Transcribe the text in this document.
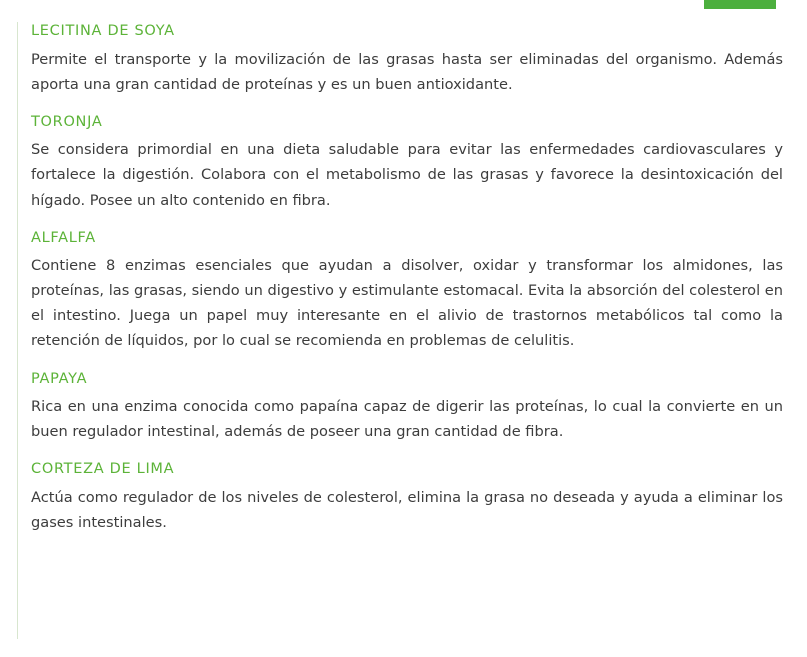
LECITINA DE SOYA
Permite el transporte y la movilización de las grasas hasta ser eliminadas del organismo. Además aporta una gran cantidad de proteínas y es un buen antioxidante.
TORONJA
Se considera primordial en una dieta saludable para evitar las enfermedades cardiovasculares y fortalece la digestión. Colabora con el metabolismo de las grasas y favorece la desintoxicación del hígado. Posee un alto contenido en fibra.
ALFALFA
Contiene 8 enzimas esenciales que ayudan a disolver, oxidar y transformar los almidones, las proteínas, las grasas, siendo un digestivo y estimulante estomacal. Evita la absorción del colesterol en el intestino. Juega un papel muy interesante en el alivio de trastornos metabólicos tal como la retención de líquidos, por lo cual se recomienda en problemas de celulitis.
PAPAYA
Rica en una enzima conocida como papaína capaz de digerir las proteínas, lo cual la convierte en un buen regulador intestinal, además de poseer una gran cantidad de fibra.
CORTEZA DE LIMA
Actúa como regulador de los niveles de colesterol, elimina la grasa no deseada y ayuda a eliminar los gases intestinales.
